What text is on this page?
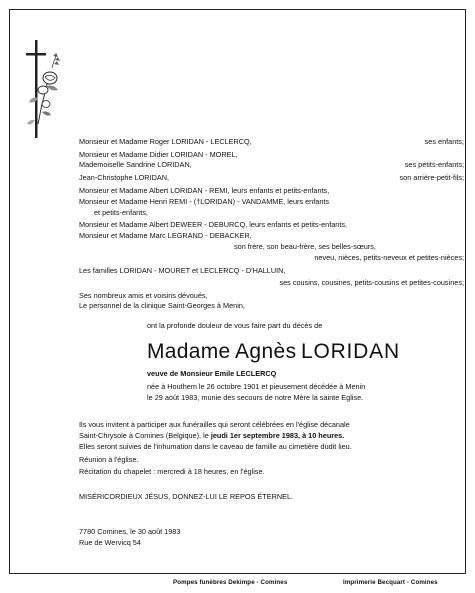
Monsieur et Madame Roger LORIDAN - LECLERCQ,	ses enfants;
Monsieur et Madame Didier LORIDAN - MOREL,
Mademoiselle Sandrine LORIDAN,	ses petits-enfants;
Jean-Christophe LORIDAN,	son arrière-petit-fils;
Monsieur et Madame Albert LORIDAN - REMI, leurs enfants et petits-enfants,
Monsieur et Madame Henri REMI - (†LORIDAN) - VANDAMME, leurs enfants
et petits-enfants,
Monsieur et Madame Albert DEWEER - DEBURCQ, leurs enfants et petits-enfants,
Monsieur et Madame Marc LEGRAND - DEBACKER,
son frère, son beau-frère, ses belles-sœurs,
neveu, nièces, petits-neveux et petites-nièces;
Les familles LORIDAN - MOURET et LECLERCQ - D'HALLUIN,
ses cousins, cousines, petits-cousins et petites-cousines;
Ses nombreux amis et voisins dévoués,
Le personnel de la clinique Saint-Georges à Menin,
ont la profonde douleur de vous faire part du décès de
Madame Agnès LORIDAN
veuve de Monsieur Emile LECLERCQ
née à Houthem le 26 octobre 1901 et pieusement décédée à Menin
le 29 août 1983, munie des secours de notre Mère la sainte Eglise.
Ils vous invitent à participer aux funérailles qui seront célébrées en l'église décanale
Saint-Chrysole à Comines (Belgique), le jeudi 1er septembre 1983, à 10 heures.
Elles seront suivies de l'inhumation dans le caveau de famille au cimetière dudit lieu.
Réunion à l'église.
Récitation du chapelet : mercredi à 18 heures, en l'église.
MISÉRICORDIEUX JÉSUS, DONNEZ-LUI LE REPOS ÉTERNEL.
7780 Comines, le 30 août 1983
Rue de Wervicq 54
Pompes funèbres Dekimpe - Comines	Imprimerie Becquart - Comines
